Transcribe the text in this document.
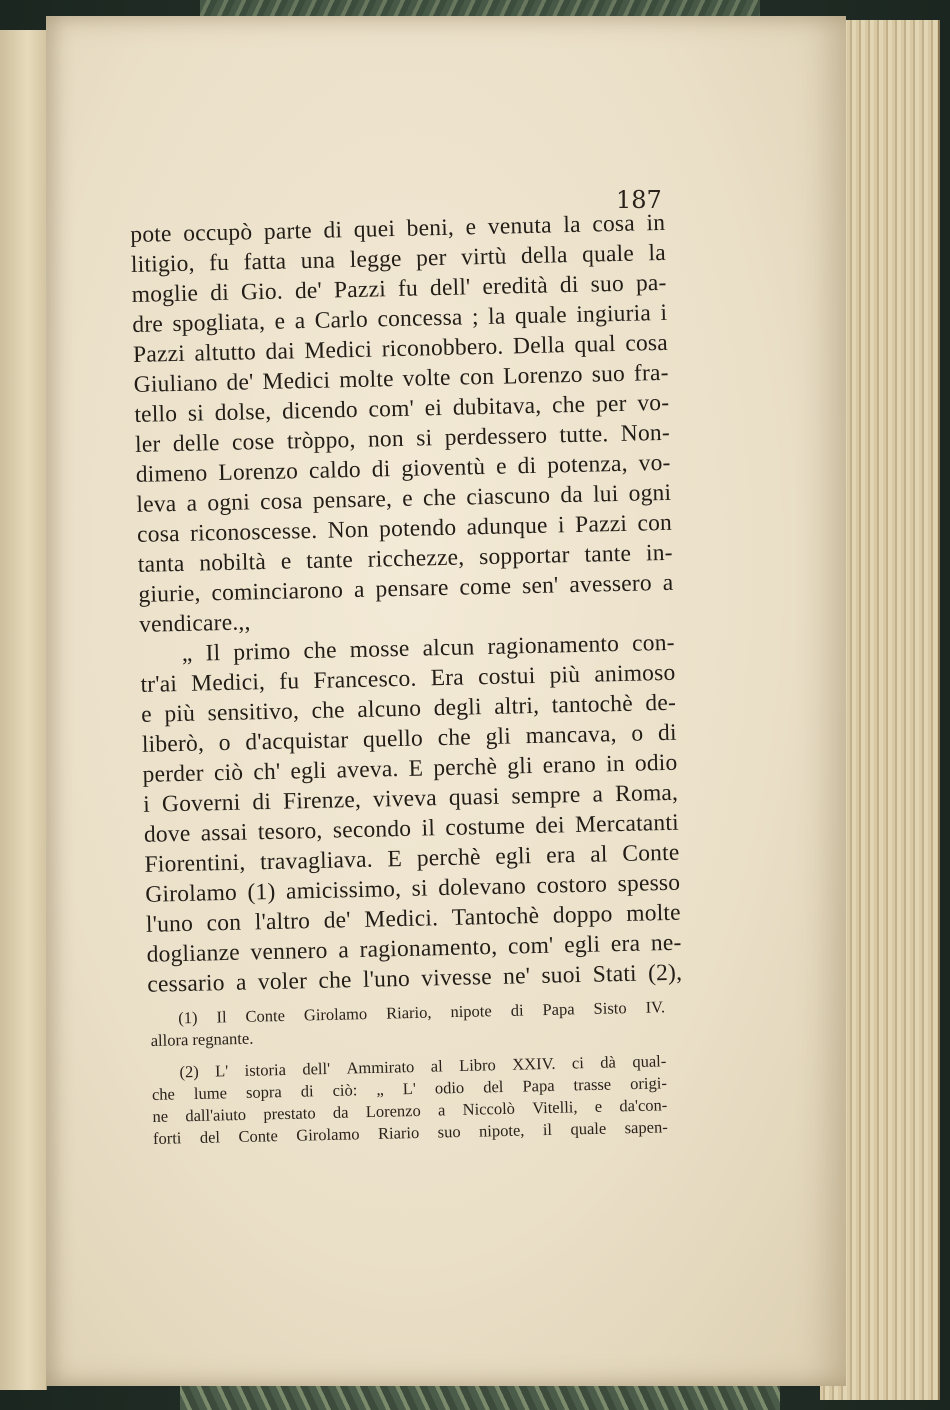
187
pote occupò parte di quei beni, e venuta la cosa in
litigio, fu fatta una legge per virtù della quale la
moglie di Gio. de' Pazzi fu dell' eredità di suo pa-
dre spogliata, e a Carlo concessa ; la quale ingiuria i
Pazzi altutto dai Medici riconobbero. Della qual cosa
Giuliano de' Medici molte volte con Lorenzo suo fra-
tello si dolse, dicendo com' ei dubitava, che per vo-
ler delle cose tròppo, non si perdessero tutte. Non-
dimeno Lorenzo caldo di gioventù e di potenza, vo-
leva a ogni cosa pensare, e che ciascuno da lui ogni
cosa riconoscesse. Non potendo adunque i Pazzi con
tanta nobiltà e tante ricchezze, sopportar tante in-
giurie, cominciarono a pensare come sen' avessero a
vendicare.,,
„ Il primo che mosse alcun ragionamento con-
tr'ai Medici, fu Francesco. Era costui più animoso
e più sensitivo, che alcuno degli altri, tantochè de-
liberò, o d'acquistar quello che gli mancava, o di
perder ciò ch' egli aveva. E perchè gli erano in odio
i Governi di Firenze, viveva quasi sempre a Roma,
dove assai tesoro, secondo il costume dei Mercatanti
Fiorentini, travagliava. E perchè egli era al Conte
Girolamo (1) amicissimo, si dolevano costoro spesso
l'uno con l'altro de' Medici. Tantochè doppo molte
doglianze vennero a ragionamento, com' egli era ne-
cessario a voler che l'uno vivesse ne' suoi Stati (2),
(1) Il Conte Girolamo Riario, nipote di Papa Sisto IV.
allora regnante.
(2) L' istoria dell' Ammirato al Libro XXIV. ci dà qual-
che lume sopra di ciò: „ L' odio del Papa trasse origi-
ne dall'aiuto prestato da Lorenzo a Niccolò Vitelli, e da'con-
forti del Conte Girolamo Riario suo nipote, il quale sapen-
